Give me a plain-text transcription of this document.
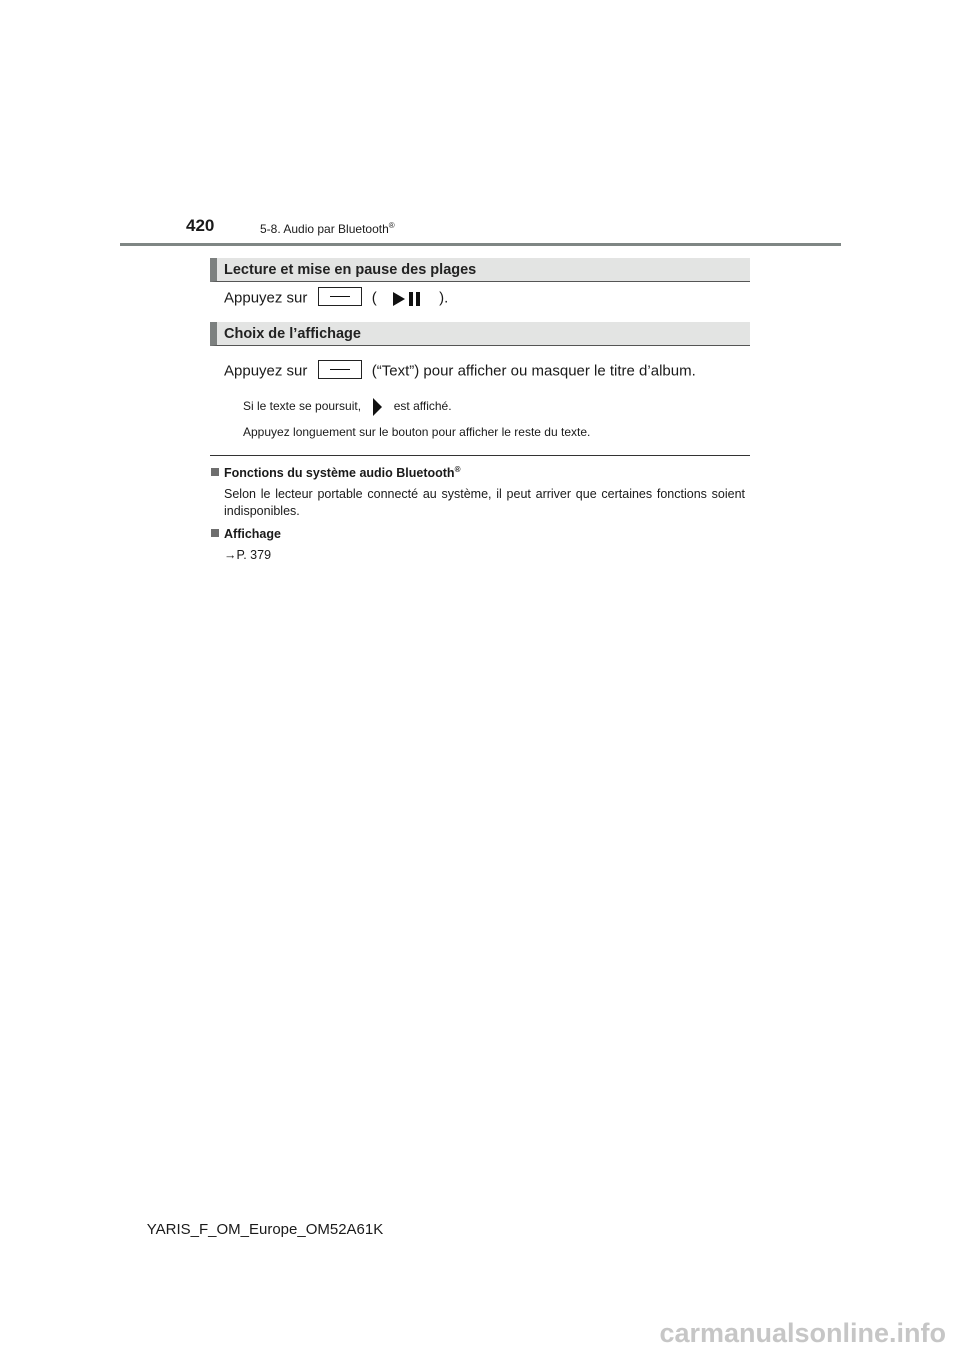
420	5-8. Audio par Bluetooth®
Lecture et mise en pause des plages
Appuyez sur	(	).
Choix de l’affichage
Appuyez sur	(“Text”) pour afficher ou masquer le titre d’album.
Si le texte se poursuit,	est affiché.
Appuyez longuement sur le bouton pour afficher le reste du texte.
Fonctions du système audio Bluetooth®
Selon le lecteur portable connecté au système, il peut arriver que certaines fonctions soient indisponibles.
Affichage
→P. 379
YARIS_F_OM_Europe_OM52A61K
carmanualsonline.info
